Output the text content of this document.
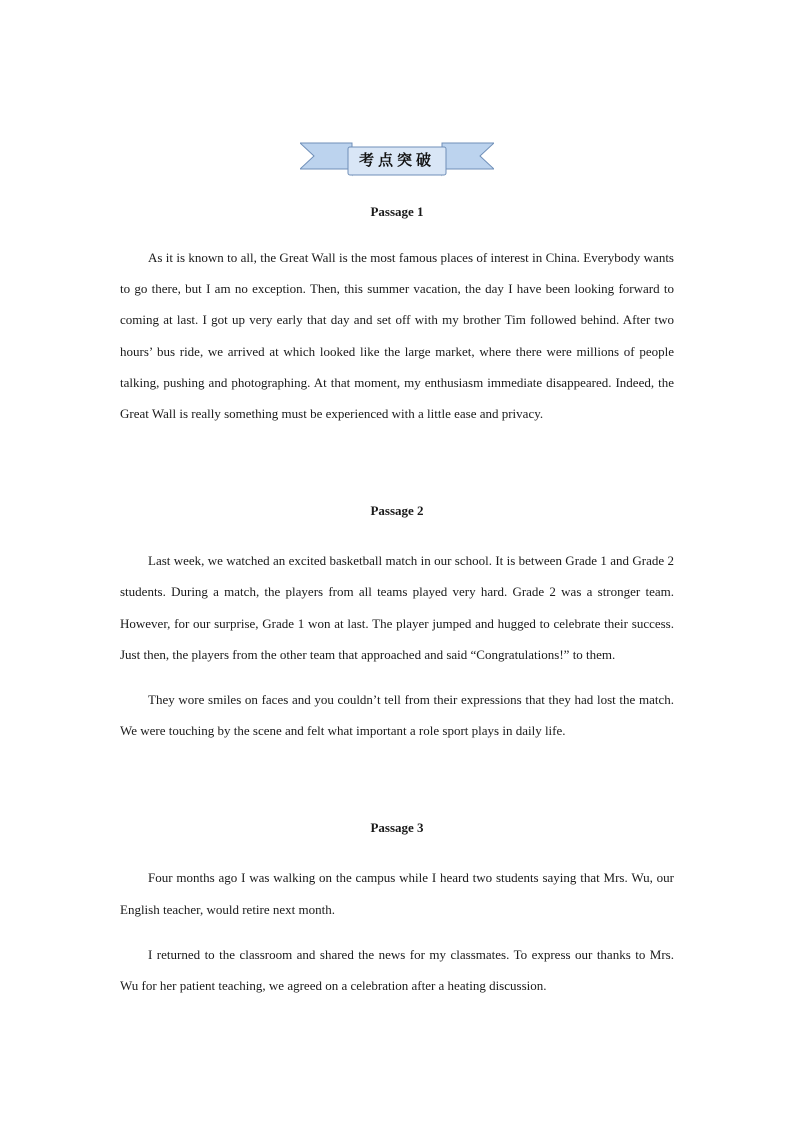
考点突破
Passage 1

As it is known to all, the Great Wall is the most famous places of interest in China. Everybody wants to go there, but I am no exception. Then, this summer vacation, the day I have been looking forward to coming at last. I got up very early that day and set off with my brother Tim followed behind. After two hours’ bus ride, we arrived at which looked like the large market, where there were millions of people talking, pushing and photographing. At that moment, my enthusiasm immediate disappeared. Indeed, the Great Wall is really something must be experienced with a little ease and privacy.

Passage 2

Last week, we watched an excited basketball match in our school. It is between Grade 1 and Grade 2 students. During a match, the players from all teams played very hard. Grade 2 was a stronger team. However, for our surprise, Grade 1 won at last. The player jumped and hugged to celebrate their success. Just then, the players from the other team that approached and said “Congratulations!” to them.

They wore smiles on faces and you couldn’t tell from their expressions that they had lost the match. We were touching by the scene and felt what important a role sport plays in daily life.

Passage 3

Four months ago I was walking on the campus while I heard two students saying that Mrs. Wu, our English teacher, would retire next month.

I returned to the classroom and shared the news for my classmates. To express our thanks to Mrs. Wu for her patient teaching, we agreed on a celebration after a heating discussion.
